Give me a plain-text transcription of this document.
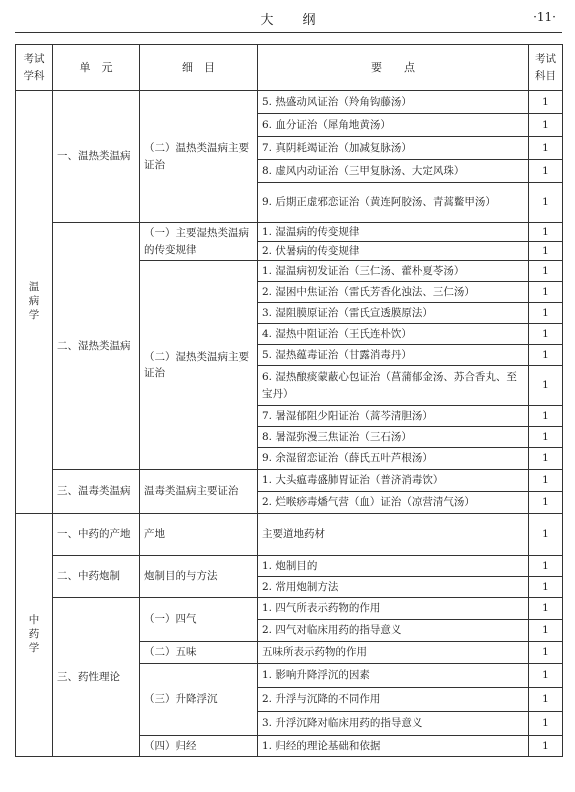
大　　纲	·11·
考试学科	单　元	细　目	要　　点	考试科目
温病学	一、温热类温病	（二）温热类温病主要证治	5. 热盛动风证治（羚角钩藤汤）	1
			6. 血分证治（犀角地黄汤）	1
			7. 真阴耗竭证治（加减复脉汤）	1
			8. 虚风内动证治（三甲复脉汤、大定风珠）	1
			9. 后期正虚邪恋证治（黄连阿胶汤、青蒿鳖甲汤）	1
	二、湿热类温病	（一）主要湿热类温病的传变规律	1. 湿温病的传变规律	1
			2. 伏暑病的传变规律	1
		（二）湿热类温病主要证治	1. 湿温病初发证治（三仁汤、藿朴夏苓汤）	1
			2. 湿困中焦证治（雷氏芳香化浊法、三仁汤）	1
			3. 湿阻膜原证治（雷氏宣透膜原法）	1
			4. 湿热中阻证治（王氏连朴饮）	1
			5. 湿热蕴毒证治（甘露消毒丹）	1
			6. 湿热酿痰蒙蔽心包证治（菖蒲郁金汤、苏合香丸、至宝丹）	1
			7. 暑湿郁阻少阳证治（蒿芩清胆汤）	1
			8. 暑湿弥漫三焦证治（三石汤）	1
			9. 余湿留恋证治（薛氏五叶芦根汤）	1
	三、温毒类温病	温毒类温病主要证治	1. 大头瘟毒盛肺胃证治（普济消毒饮）	1
			2. 烂喉痧毒燔气营（血）证治（凉营清气汤）	1
中药学	一、中药的产地	产地	主要道地药材	1
	二、中药炮制	炮制目的与方法	1. 炮制目的	1
			2. 常用炮制方法	1
	三、药性理论	（一）四气	1. 四气所表示药物的作用	1
			2. 四气对临床用药的指导意义	1
		（二）五味	五味所表示药物的作用	1
		（三）升降浮沉	1. 影响升降浮沉的因素	1
			2. 升浮与沉降的不同作用	1
			3. 升浮沉降对临床用药的指导意义	1
		（四）归经	1. 归经的理论基础和依据	1
